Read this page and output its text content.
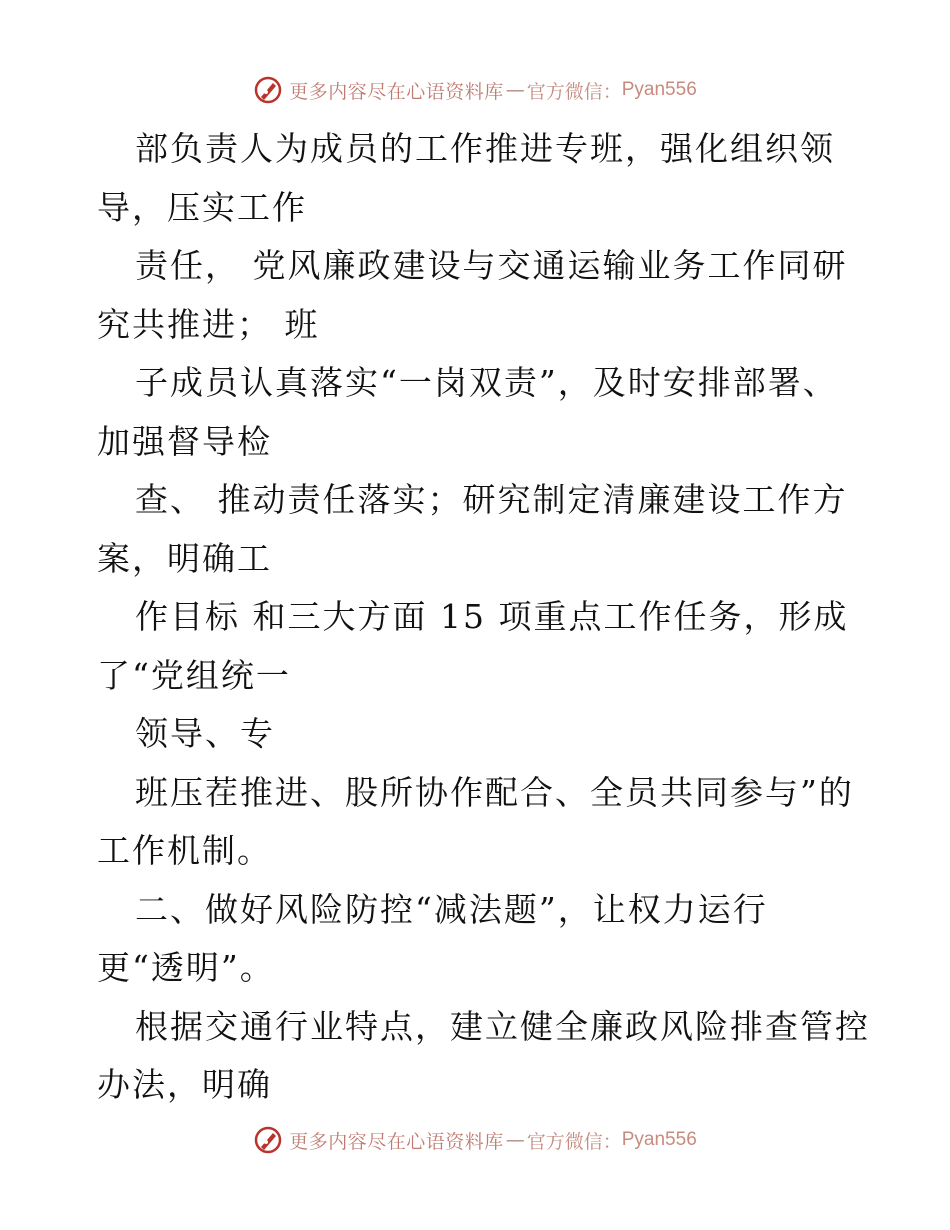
更多内容尽在心语资料库 — 官方微信： Pyan556
部负责人为成员的工作推进专班，强化组织领
导，压实工作
责任， 党风廉政建设与交通运输业务工作同研
究共推进； 班
子成员认真落实“一岗双责”，及时安排部署、
加强督导检
查、 推动责任落实；研究制定清廉建设工作方
案，明确工
作目标 和三大方面 15 项重点工作任务，形成
了“党组统一
领导、专
班压茬推进、股所协作配合、全员共同参与”的
工作机制。
二、做好风险防控“减法题”，让权力运行
更“透明”。
根据交通行业特点，建立健全廉政风险排查管控
办法，明确
更多内容尽在心语资料库 — 官方微信： Pyan556
